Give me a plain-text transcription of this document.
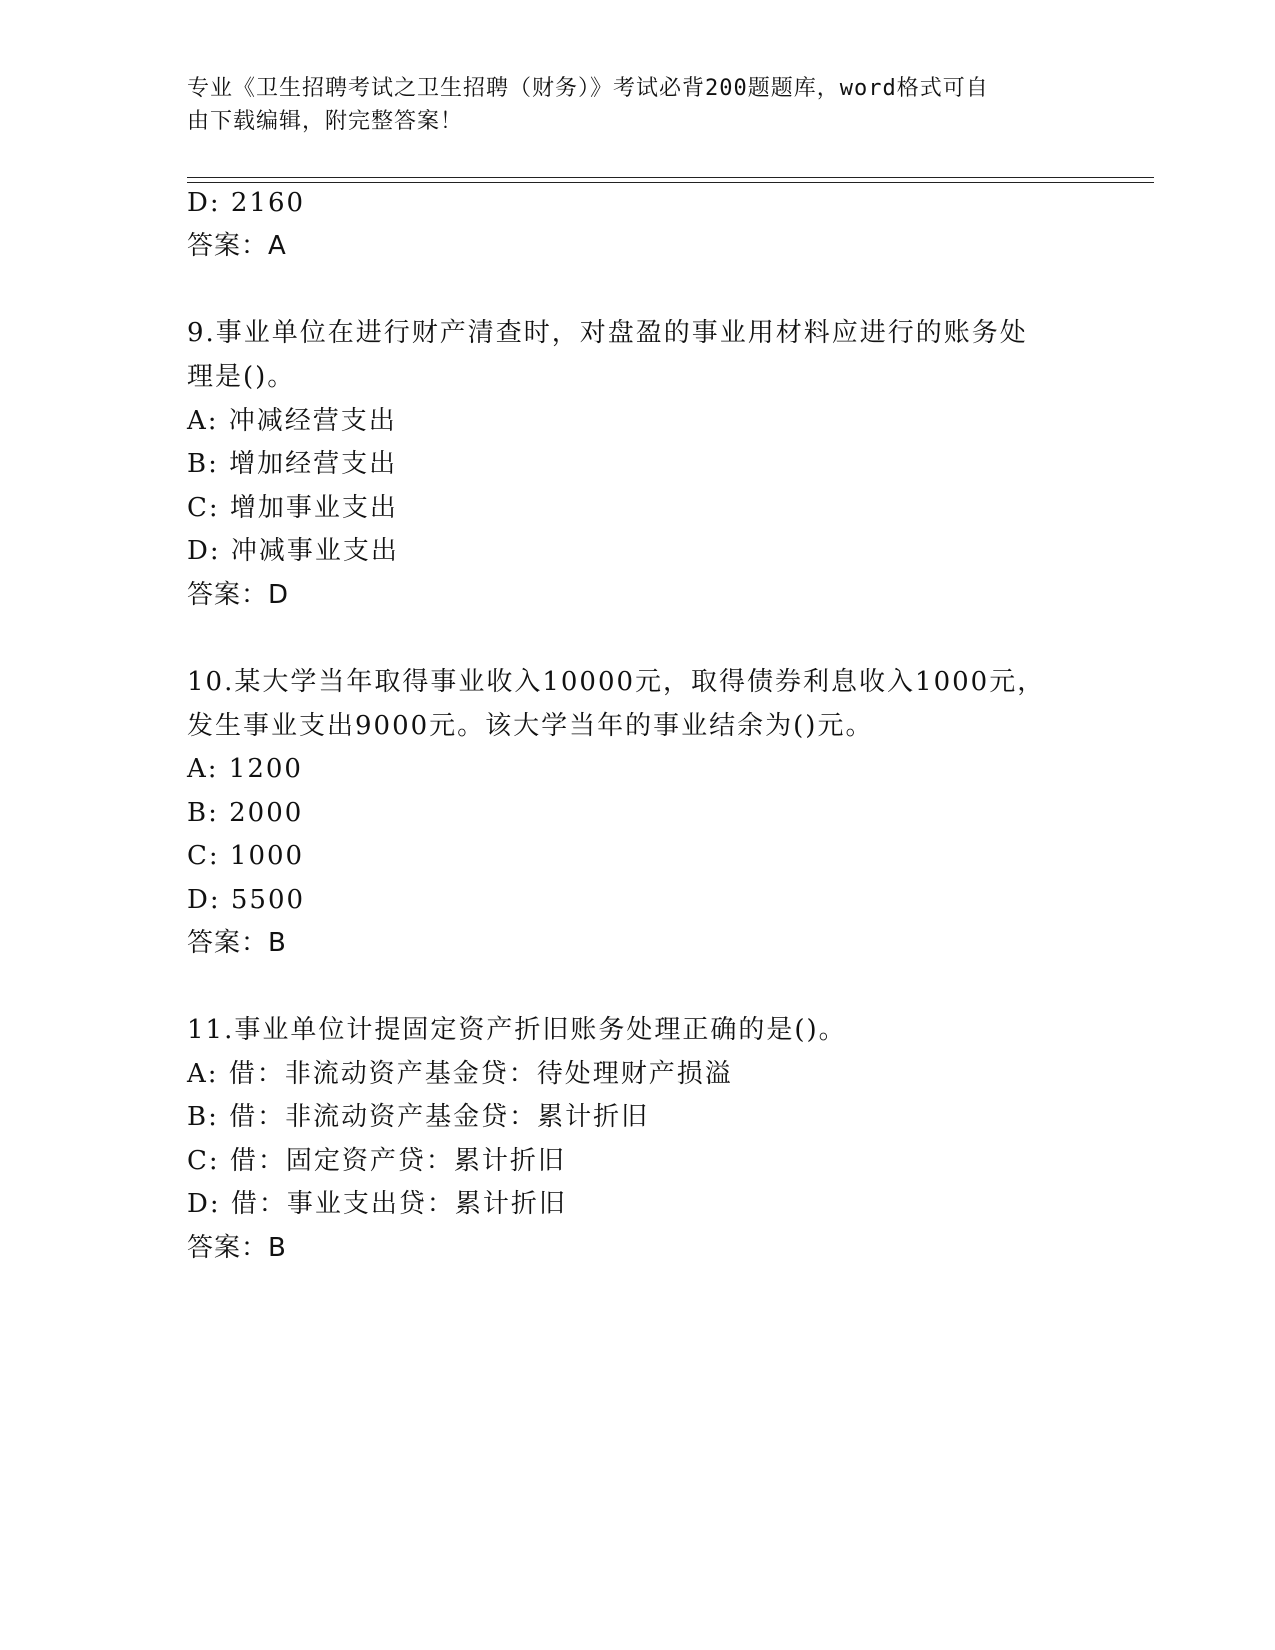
专业《卫生招聘考试之卫生招聘（财务）》考试必背200题题库，word格式可自
由下载编辑，附完整答案！
D: 2160
答案：A
9.事业单位在进行财产清查时，对盘盈的事业用材料应进行的账务处
理是()。
A: 冲减经营支出
B: 增加经营支出
C: 增加事业支出
D: 冲减事业支出
答案：D
10.某大学当年取得事业收入10000元，取得债券利息收入1000元，
发生事业支出9000元。该大学当年的事业结余为()元。
A: 1200
B: 2000
C: 1000
D: 5500
答案：B
11.事业单位计提固定资产折旧账务处理正确的是()。
A: 借：非流动资产基金贷：待处理财产损溢
B: 借：非流动资产基金贷：累计折旧
C: 借：固定资产贷：累计折旧
D: 借：事业支出贷：累计折旧
答案：B
